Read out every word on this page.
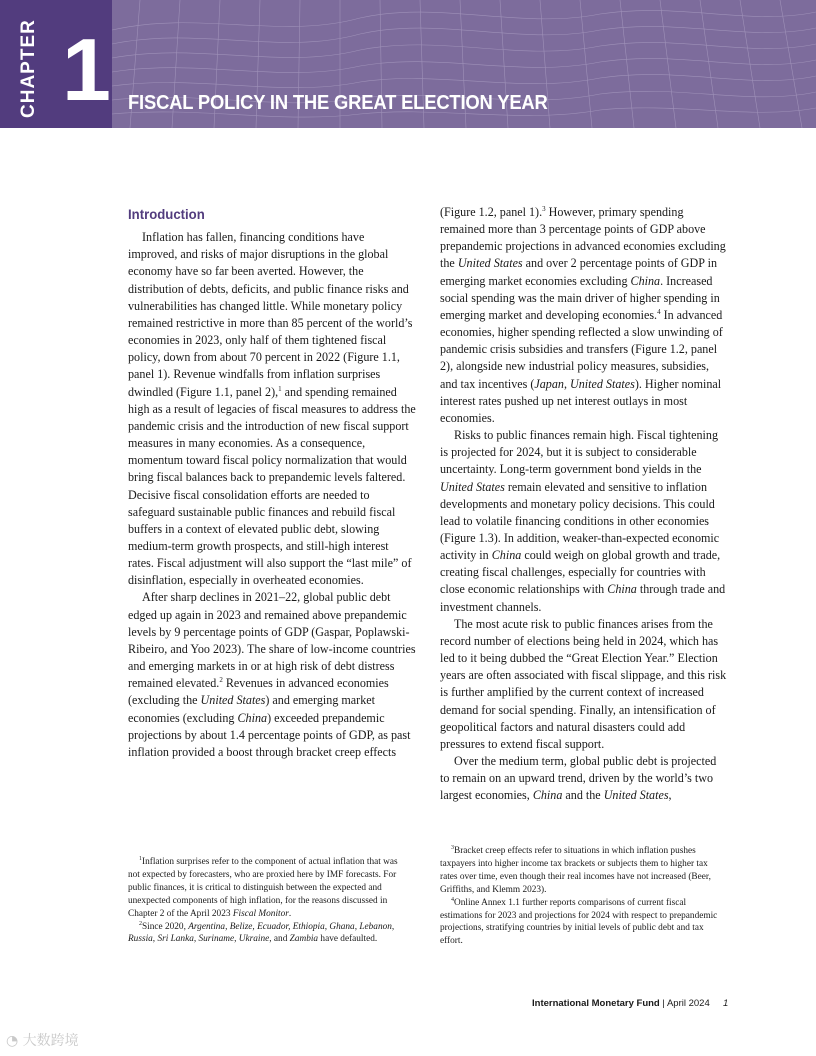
CHAPTER 1 FISCAL POLICY IN THE GREAT ELECTION YEAR
Introduction

Inflation has fallen, financing conditions have improved, and risks of major disruptions in the global economy have so far been averted. However, the distribution of debts, deficits, and public finance risks and vulnerabilities has changed little. While monetary policy remained restrictive in more than 85 percent of the world’s economies in 2023, only half of them tightened fiscal policy, down from about 70 percent in 2022 (Figure 1.1, panel 1). Revenue windfalls from inflation surprises dwindled (Figure 1.1, panel 2),$^1$ and spending remained high as a result of legacies of fiscal measures to address the pandemic crisis and the introduction of new fiscal support measures in many economies. As a consequence, momentum toward fiscal policy normalization that would bring fiscal balances back to prepandemic levels faltered. Decisive fiscal consolidation efforts are needed to safeguard sustainable public finances and rebuild fiscal buffers in a context of elevated public debt, slowing medium-term growth prospects, and still-high interest rates. Fiscal adjustment will also support the “last mile” of disinflation, especially in overheated economies.

After sharp declines in 2021–22, global public debt edged up again in 2023 and remained above prepandemic levels by 9 percentage points of GDP (Gaspar, Poplawski-Ribeiro, and Yoo 2023). The share of low-income countries and emerging markets in or at high risk of debt distress remained elevated.$^2$ Revenues in advanced economies (excluding the United States) and emerging market economies (excluding China) exceeded prepandemic projections by about 1.4 percentage points of GDP, as past inflation provided a boost through bracket creep effects

(Figure 1.2, panel 1).$^3$ However, primary spending remained more than 3 percentage points of GDP above prepandemic projections in advanced economies excluding the United States and over 2 percentage points of GDP in emerging market economies excluding China. Increased social spending was the main driver of higher spending in emerging market and developing economies.$^4$ In advanced economies, higher spending reflected a slow unwinding of pandemic crisis subsidies and transfers (Figure 1.2, panel 2), alongside new industrial policy measures, subsidies, and tax incentives (Japan, United States). Higher nominal interest rates pushed up net interest outlays in most economies.

Risks to public finances remain high. Fiscal tightening is projected for 2024, but it is subject to considerable uncertainty. Long-term government bond yields in the United States remain elevated and sensitive to inflation developments and monetary policy decisions. This could lead to volatile financing conditions in other economies (Figure 1.3). In addition, weaker-than-expected economic activity in China could weigh on global growth and trade, creating fiscal challenges, especially for countries with close economic relationships with China through trade and investment channels.

The most acute risk to public finances arises from the record number of elections being held in 2024, which has led to it being dubbed the “Great Election Year.” Election years are often associated with fiscal slippage, and this risk is further amplified by the current context of increased demand for social spending. Finally, an intensification of geopolitical factors and natural disasters could add pressures to extend fiscal support.

Over the medium term, global public debt is projected to remain on an upward trend, driven by the world’s two largest economies, China and the United States,

$^1$Inflation surprises refer to the component of actual inflation that was not expected by forecasters, who are proxied here by IMF forecasts. For public finances, it is critical to distinguish between the expected and unexpected components of high inflation, for the reasons discussed in Chapter 2 of the April 2023 Fiscal Monitor.

$^2$Since 2020, Argentina, Belize, Ecuador, Ethiopia, Ghana, Lebanon, Russia, Sri Lanka, Suriname, Ukraine, and Zambia have defaulted.

$^3$Bracket creep effects refer to situations in which inflation pushes taxpayers into higher income tax brackets or subjects them to higher tax rates over time, even though their real incomes have not increased (Beer, Griffiths, and Klemm 2023).

$^4$Online Annex 1.1 further reports comparisons of current fiscal estimations for 2023 and projections for 2024 with respect to prepandemic projections, stratifying countries by initial levels of public debt and tax effort.

International Monetary Fund | April 2024 1
◔ 大数跨境
